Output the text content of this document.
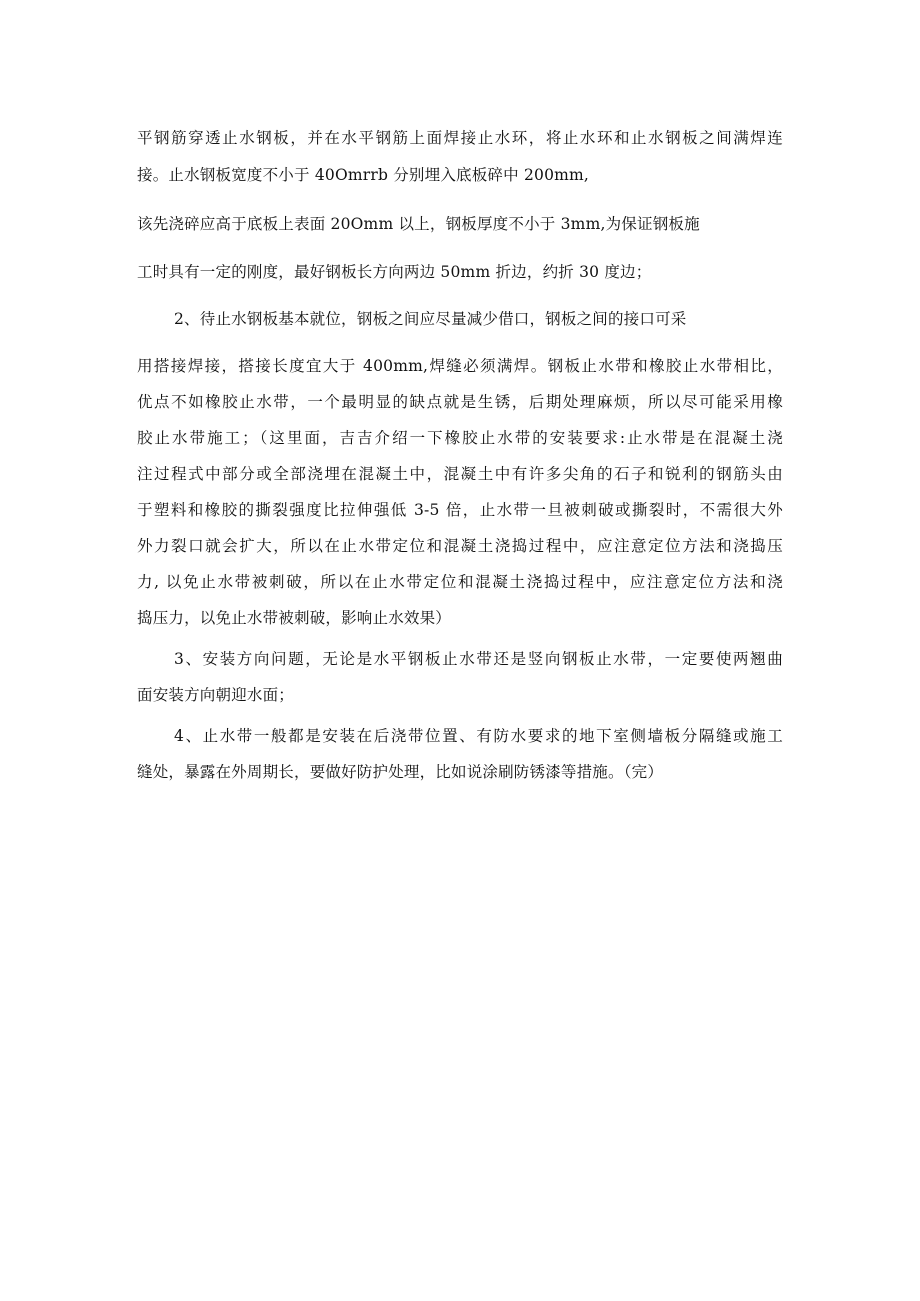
平钢筋穿透止水钢板，并在水平钢筋上面焊接止水环，将止水环和止水钢板之间满焊连
接。止水钢板宽度不小于 40Omrrb 分别埋入底板碎中 200mm,
该先浇碎应高于底板上表面 20Omm 以上，钢板厚度不小于 3mm,为保证钢板施
工时具有一定的刚度，最好钢板长方向两边 50mm 折边，约折 30 度边；
2、待止水钢板基本就位，钢板之间应尽量减少借口，钢板之间的接口可采
用搭接焊接，搭接长度宜大于 400mm,焊缝必须满焊。钢板止水带和橡胶止水带相比，
优点不如橡胶止水带，一个最明显的缺点就是生锈，后期处理麻烦，所以尽可能采用橡
胶止水带施工；（这里面，吉吉介绍一下橡胶止水带的安装要求:止水带是在混凝土浇
注过程式中部分或全部浇埋在混凝土中，混凝土中有许多尖角的石子和锐利的钢筋头由
于塑料和橡胶的撕裂强度比拉伸强低 3-5 倍，止水带一旦被刺破或撕裂时，不需很大外
外力裂口就会扩大，所以在止水带定位和混凝土浇捣过程中，应注意定位方法和浇捣压
力, 以免止水带被刺破，所以在止水带定位和混凝土浇捣过程中，应注意定位方法和浇
捣压力，以免止水带被刺破，影响止水效果）
3、安装方向问题，无论是水平钢板止水带还是竖向钢板止水带，一定要使两翘曲
面安装方向朝迎水面；
4、止水带一般都是安装在后浇带位置、有防水要求的地下室侧墙板分隔缝或施工
缝处，暴露在外周期长，要做好防护处理，比如说涂刷防锈漆等措施。（完）
